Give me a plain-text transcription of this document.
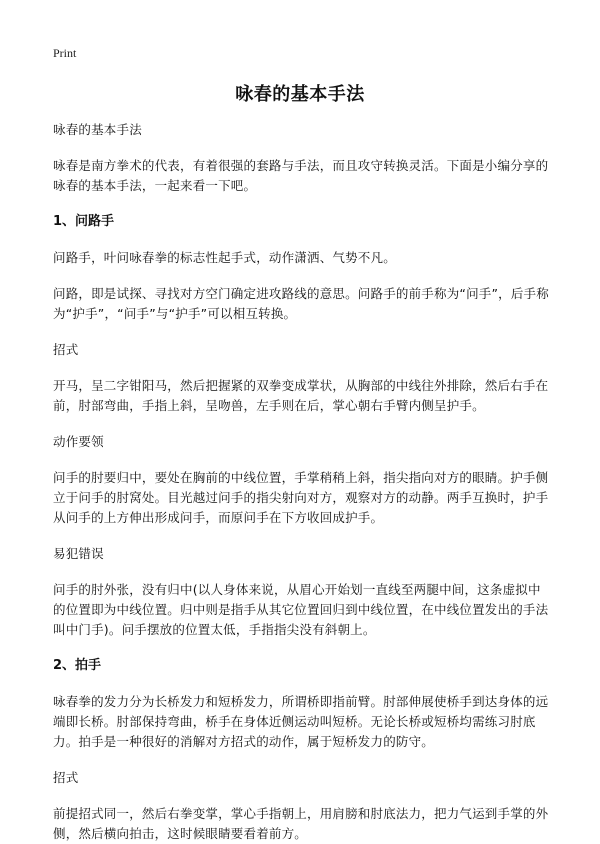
Print
咏春的基本手法

咏春的基本手法

咏春是南方拳术的代表，有着很强的套路与手法，而且攻守转换灵活。下面是小编分享的咏春的基本手法，一起来看一下吧。

1、问路手

问路手，叶问咏春拳的标志性起手式，动作潇洒、气势不凡。

问路，即是试探、寻找对方空门确定进攻路线的意思。问路手的前手称为“问手”，后手称为“护手”，“问手”与“护手”可以相互转换。

招式

开马，呈二字钳阳马，然后把握紧的双拳变成掌状，从胸部的中线往外排除，然后右手在前，肘部弯曲，手指上斜，呈吻兽，左手则在后，掌心朝右手臂内侧呈护手。

动作要领

问手的肘要归中，要处在胸前的中线位置，手掌稍稍上斜，指尖指向对方的眼睛。护手侧立于问手的肘窝处。目光越过问手的指尖射向对方，观察对方的动静。两手互换时，护手从问手的上方伸出形成问手，而原问手在下方收回成护手。

易犯错误

问手的肘外张，没有归中(以人身体来说，从眉心开始划一直线至两腿中间，这条虚拟中的位置即为中线位置。归中则是指手从其它位置回归到中线位置，在中线位置发出的手法叫中门手)。问手摆放的位置太低，手指指尖没有斜朝上。

2、拍手

咏春拳的发力分为长桥发力和短桥发力，所谓桥即指前臂。肘部伸展使桥手到达身体的远端即长桥。肘部保持弯曲，桥手在身体近侧运动叫短桥。无论长桥或短桥均需练习肘底力。拍手是一种很好的消解对方招式的动作，属于短桥发力的防守。

招式

前提招式同一，然后右拳变掌，掌心手指朝上，用肩膀和肘底法力，把力气运到手掌的外侧，然后横向拍击，这时候眼睛要看着前方。
